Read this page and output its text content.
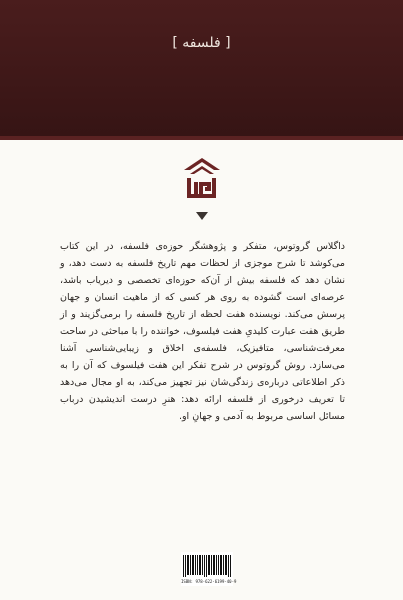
[ فلسفه ]

داگلاس گروتوس، متفکر و پژوهشگر حوزه‌ی فلسفه، در این کتاب می‌کوشد تا شرح موجزی از لحظات مهم تاریخ فلسفه به دست دهد، و نشان دهد که فلسفه بیش از آن‌که حوزه‌ای تخصصی و دیریاب باشد، عرصه‌ای است گشوده به روی هر کسی که از ماهیت انسان و جهان پرسش می‌کند. نویسنده هفت لحظه از تاریخ فلسفه را برمی‌گزیند و از طریق هفت عبارت کلیدیِ هفت فیلسوف، خواننده را با مباحثی در ساحت معرفت‌شناسی، متافیزیک، فلسفه‌ی اخلاق و زیبایی‌شناسی آشنا می‌سازد. روش گروتوس در شرح تفکر این هفت فیلسوف که آن را به ذکر اطلاعاتی درباره‌ی زندگی‌شان نیز تجهیز می‌کند، به او مجال می‌دهد تا تعریف درخوری از فلسفه ارائه دهد: هنرِ درست اندیشیدن درباب مسائل اساسی مربوط به آدمی و جهانِ او.

ISBN: 978-622-6199-40-9
